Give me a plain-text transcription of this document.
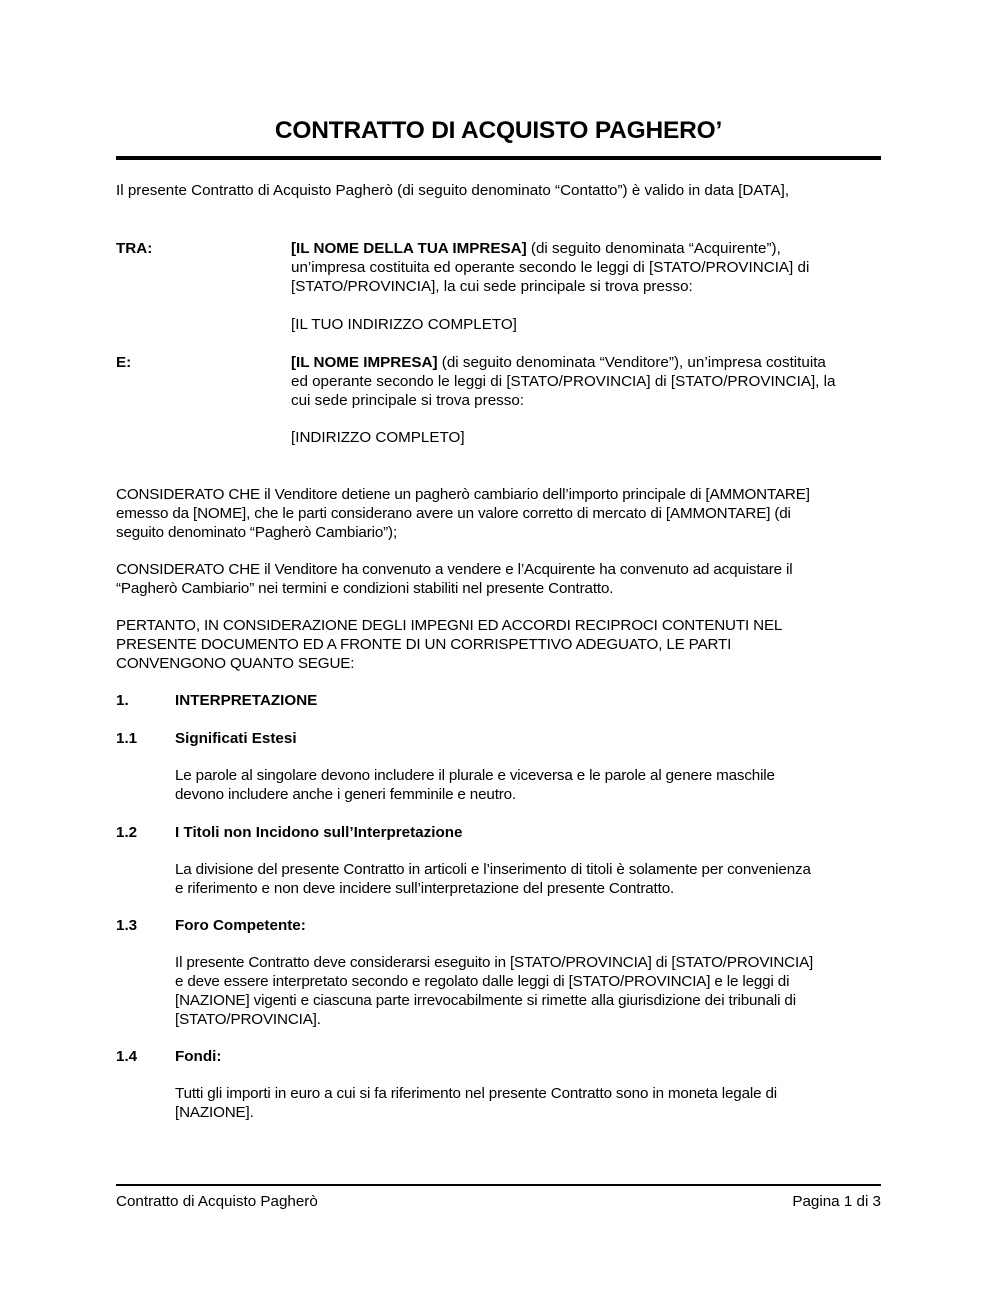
CONTRATTO DI ACQUISTO PAGHERO’
Il presente Contratto di Acquisto Pagherò (di seguito denominato “Contatto”) è valido in data [DATA],
TRA:	[IL NOME DELLA TUA IMPRESA] (di seguito denominata “Acquirente”),
un’impresa costituita ed operante secondo le leggi di [STATO/PROVINCIA] di
[STATO/PROVINCIA], la cui sede principale si trova presso:
[IL TUO INDIRIZZO COMPLETO]
E:	[IL NOME IMPRESA] (di seguito denominata “Venditore”), un’impresa costituita
ed operante secondo le leggi di [STATO/PROVINCIA] di [STATO/PROVINCIA], la
cui sede principale si trova presso:
[INDIRIZZO COMPLETO]
CONSIDERATO CHE il Venditore detiene un pagherò cambiario dell’importo principale di [AMMONTARE]
emesso da [NOME], che le parti considerano avere un valore corretto di mercato di [AMMONTARE] (di
seguito denominato “Pagherò Cambiario”);
CONSIDERATO CHE il Venditore ha convenuto a vendere e l’Acquirente ha convenuto ad acquistare il
“Pagherò Cambiario” nei termini e condizioni stabiliti nel presente Contratto.
PERTANTO, IN CONSIDERAZIONE DEGLI IMPEGNI ED ACCORDI RECIPROCI CONTENUTI NEL
PRESENTE DOCUMENTO ED A FRONTE DI UN CORRISPETTIVO ADEGUATO, LE PARTI
CONVENGONO QUANTO SEGUE:
1.	INTERPRETAZIONE
1.1 Significati Estesi
Le parole al singolare devono includere il plurale e viceversa e le parole al genere maschile
devono includere anche i generi femminile e neutro.
1.2 I Titoli non Incidono sull’Interpretazione
La divisione del presente Contratto in articoli e l’inserimento di titoli è solamente per convenienza
e riferimento e non deve incidere sull’interpretazione del presente Contratto.
1.3 Foro Competente:
Il presente Contratto deve considerarsi eseguito in [STATO/PROVINCIA] di [STATO/PROVINCIA]
e deve essere interpretato secondo e regolato dalle leggi di [STATO/PROVINCIA] e le leggi di
[NAZIONE] vigenti e ciascuna parte irrevocabilmente si rimette alla giurisdizione dei tribunali di
[STATO/PROVINCIA].
1.4 Fondi:
Tutti gli importi in euro a cui si fa riferimento nel presente Contratto sono in moneta legale di
[NAZIONE].
Contratto di Acquisto Pagherò	Pagina 1 di 3
